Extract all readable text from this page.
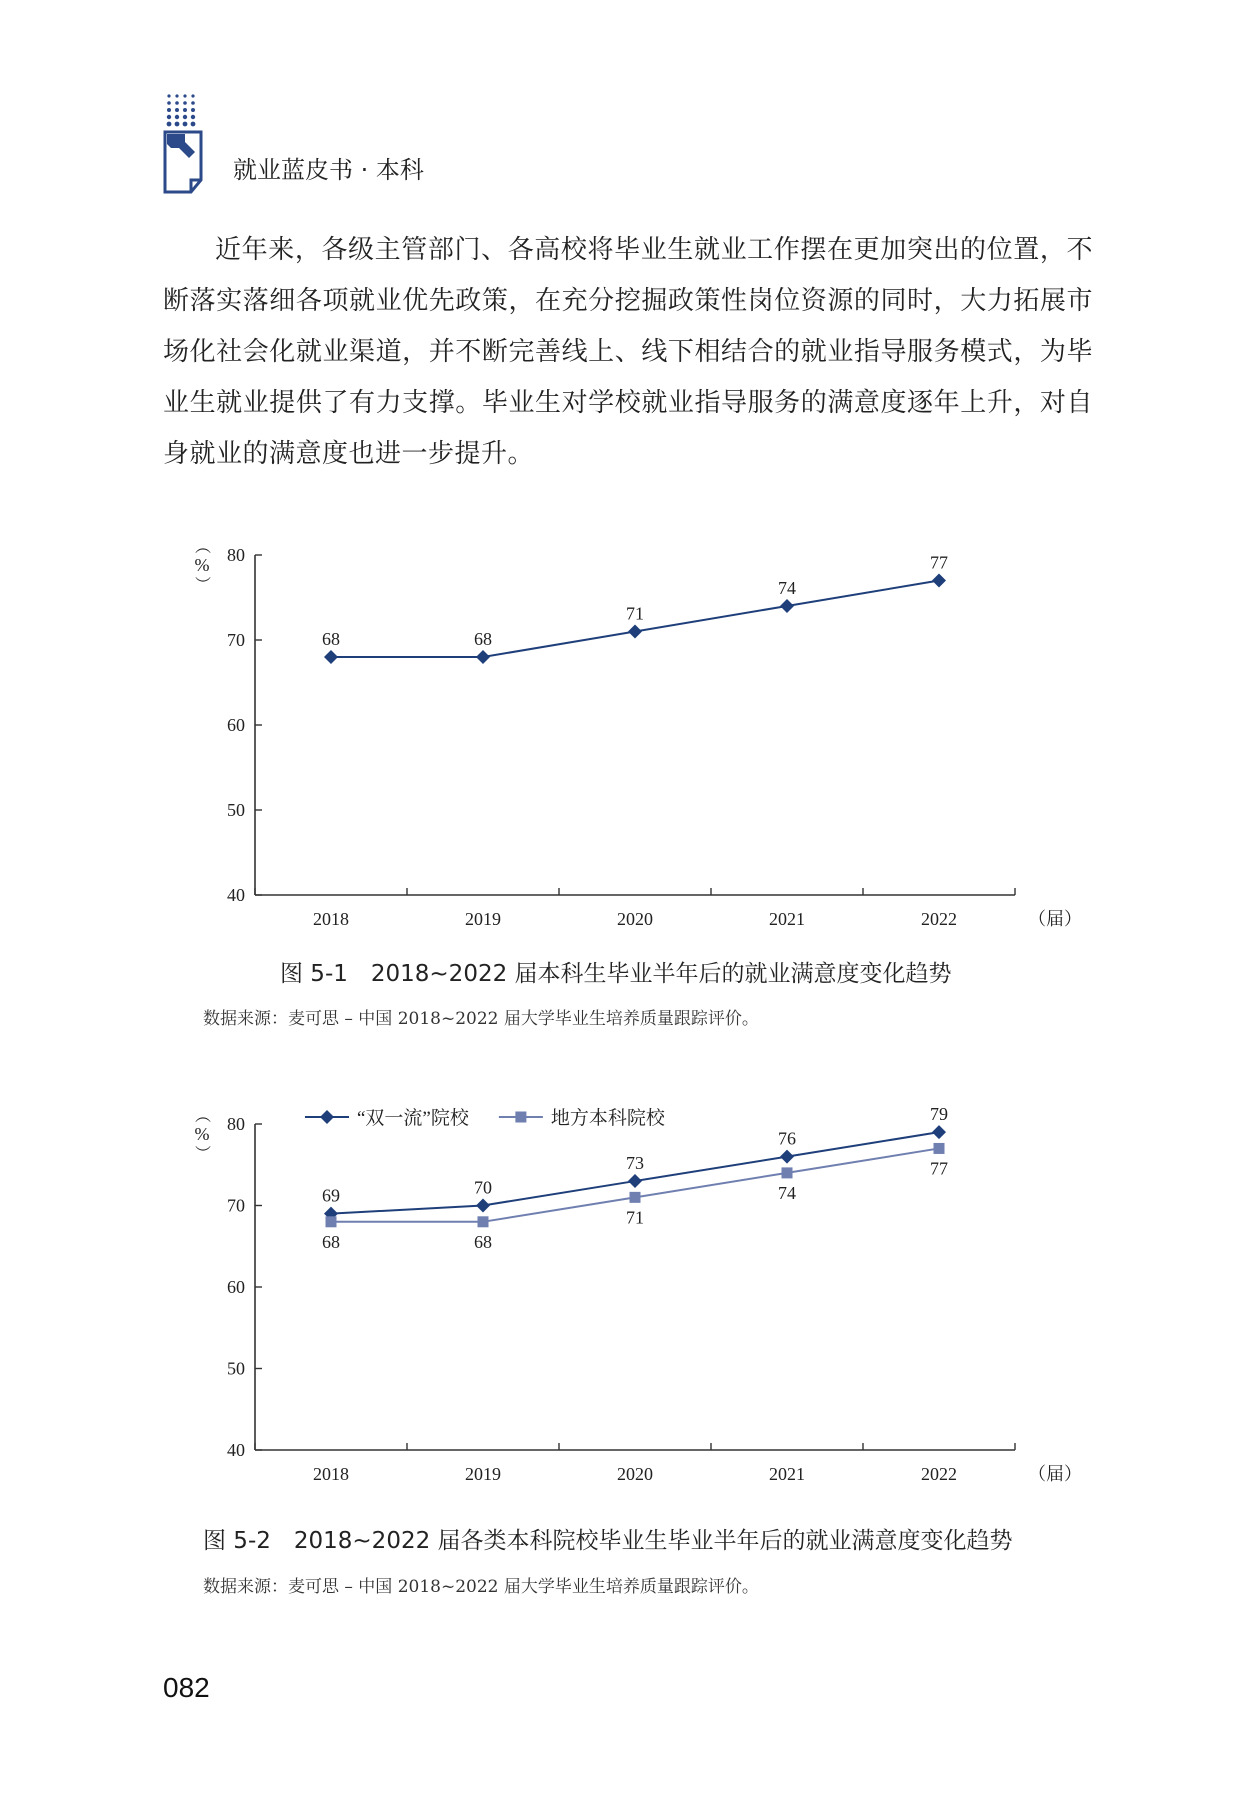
就业蓝皮书 · 本科
近年来，各级主管部门、各高校将毕业生就业工作摆在更加突出的位置，不断落实落细各项就业优先政策，在充分挖掘政策性岗位资源的同时，大力拓展市场化社会化就业渠道，并不断完善线上、线下相结合的就业指导服务模式，为毕业生就业提供了有力支撑。毕业生对学校就业指导服务的满意度逐年上升，对自身就业的满意度也进一步提升。
40
50
60
70
80
2018	2019	2020	2021	2022	（届）
（
%
）
68	68
71
74
77
图 5-1　2018~2022 届本科生毕业半年后的就业满意度变化趋势
数据来源：麦可思 – 中国 2018~2022 届大学毕业生培养质量跟踪评价。
40
50
60
70
80
2018	2019	2020	2021	2022	（届）
（
%
）
69	70
73
76
79
68	68
71
74
77
“双一流”院校	地方本科院校
图 5-2　2018~2022 届各类本科院校毕业生毕业半年后的就业满意度变化趋势
数据来源：麦可思 – 中国 2018~2022 届大学毕业生培养质量跟踪评价。
082
